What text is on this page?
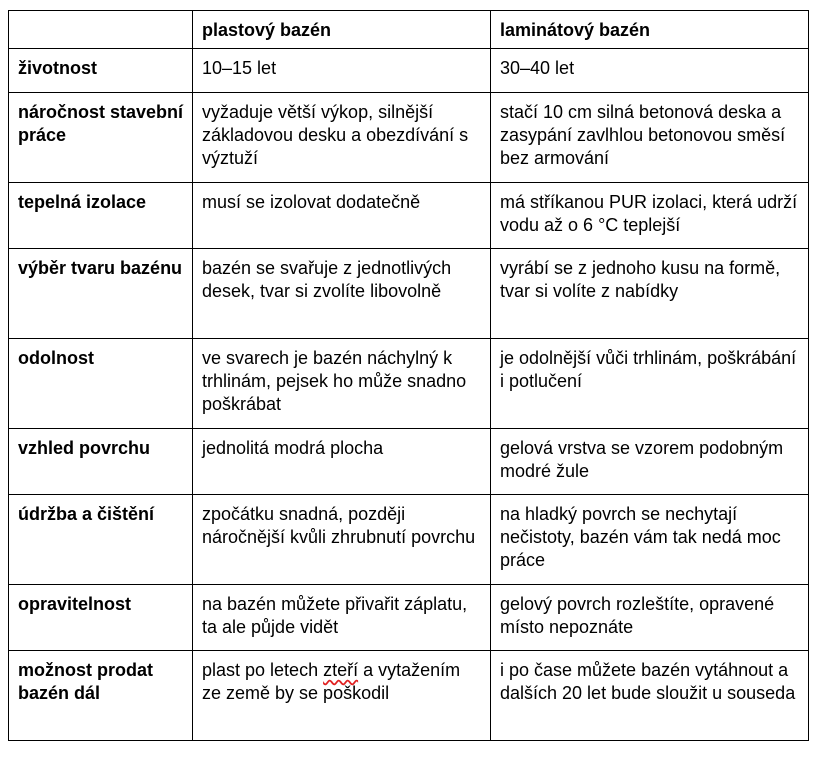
	plastový bazén	laminátový bazén
životnost	10–15 let	30–40 let
náročnost stavební práce	vyžaduje větší výkop, silnější základovou desku a obezdívání s výztuží	stačí 10 cm silná betonová deska a zasypání zavlhlou betonovou směsí bez armování
tepelná izolace	musí se izolovat dodatečně	má stříkanou PUR izolaci, která udrží vodu až o 6 °C teplejší
výběr tvaru bazénu	bazén se svařuje z jednotlivých desek, tvar si zvolíte libovolně	vyrábí se z jednoho kusu na formě, tvar si volíte z nabídky
odolnost	ve svarech je bazén náchylný k trhlinám, pejsek ho může snadno poškrábat	je odolnější vůči trhlinám, poškrábání i potlučení
vzhled povrchu	jednolitá modrá plocha	gelová vrstva se vzorem podobným modré žule
údržba a čištění	zpočátku snadná, později náročnější kvůli zhrubnutí povrchu	na hladký povrch se nechytají nečistoty, bazén vám tak nedá moc práce
opravitelnost	na bazén můžete přivařit záplatu, ta ale půjde vidět	gelový povrch rozleštíte, opravené místo nepoznáte
možnost prodat bazén dál	plast po letech zteří a vytažením ze země by se poškodil	i po čase můžete bazén vytáhnout a dalších 20 let bude sloužit u souseda
